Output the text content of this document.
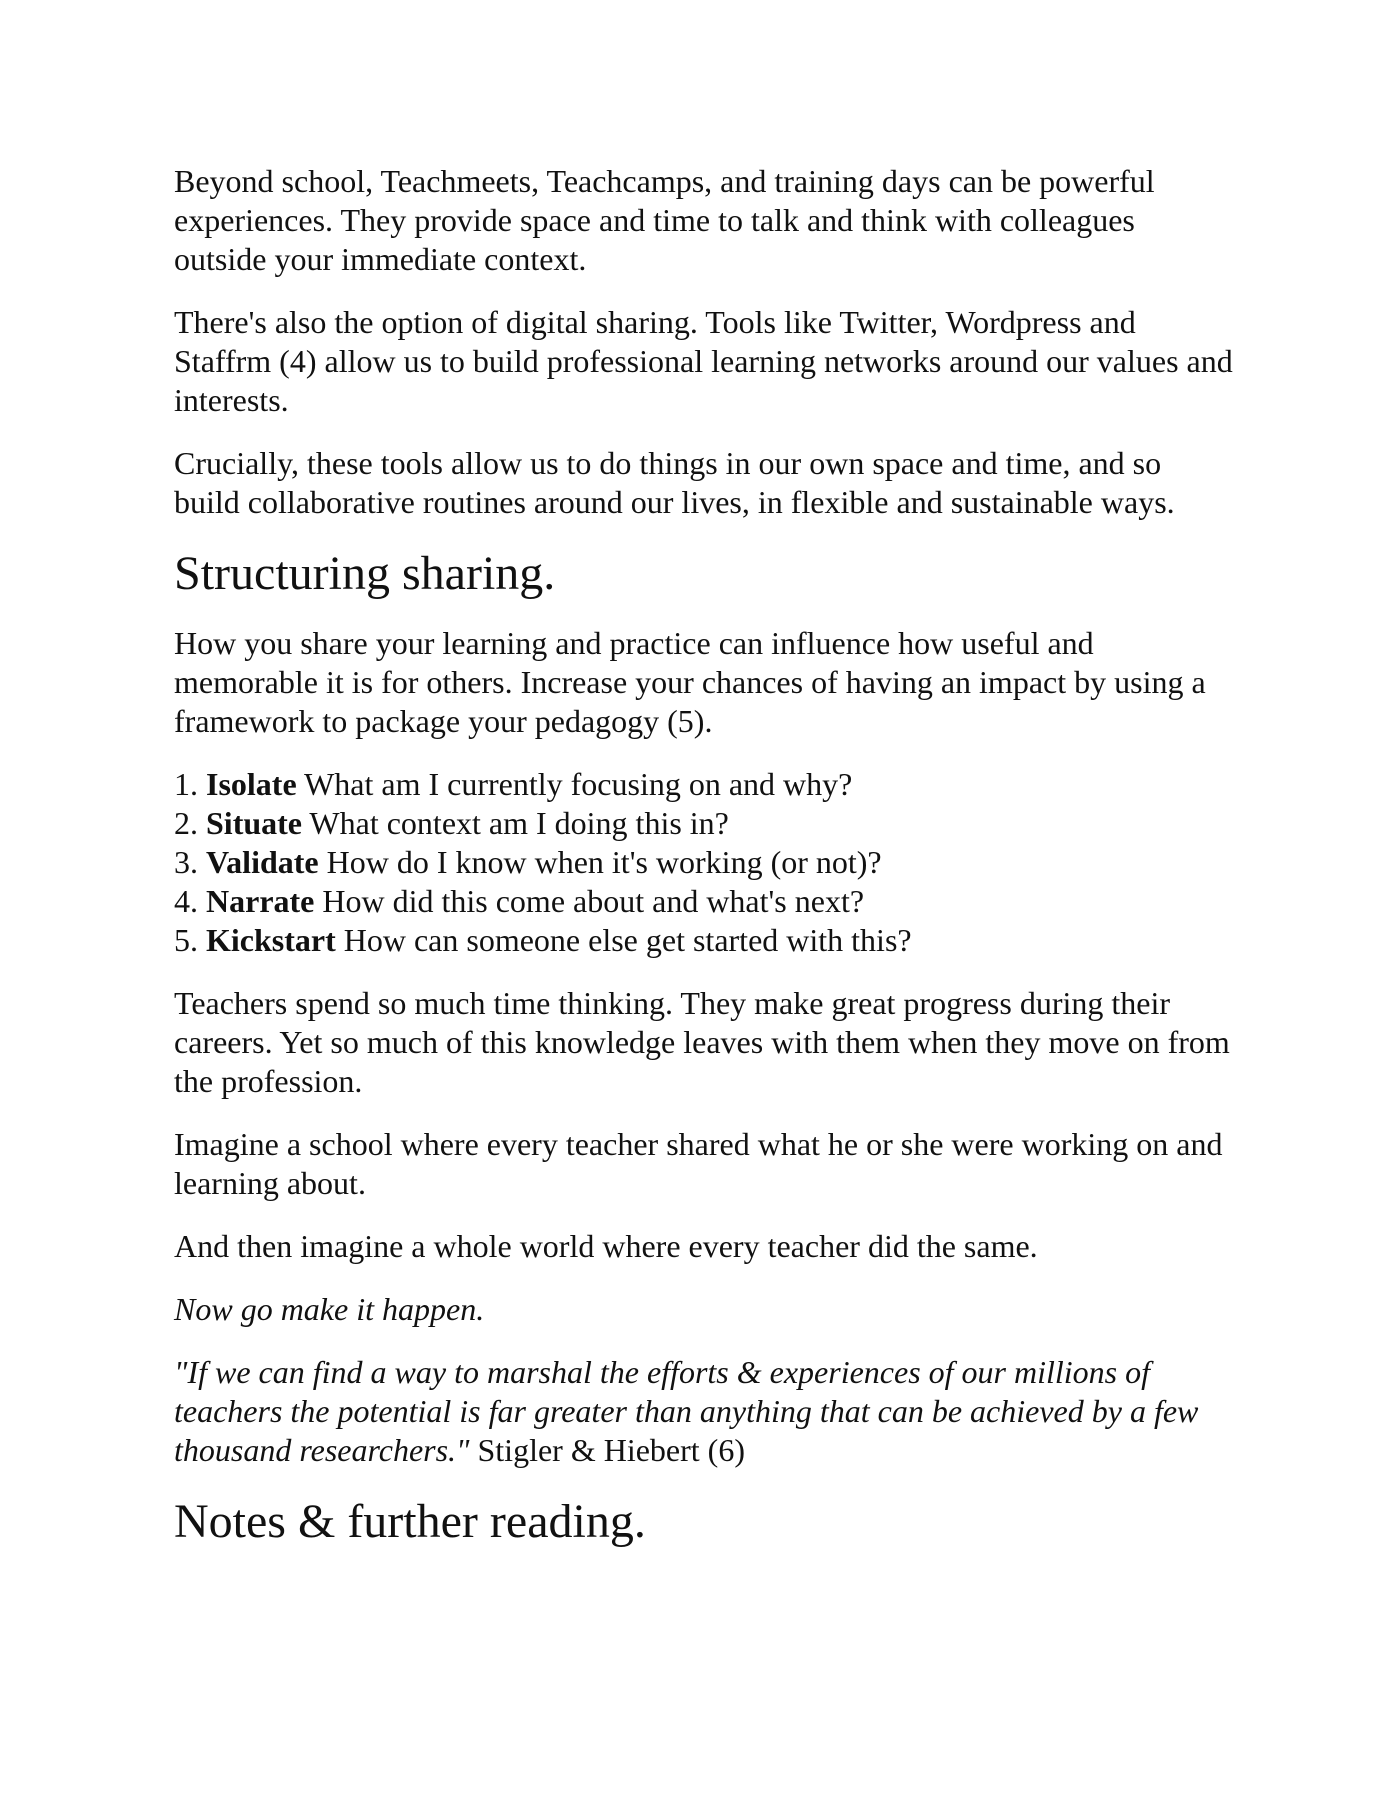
Beyond school, Teachmeets, Teachcamps, and training days can be powerful experiences. They provide space and time to talk and think with colleagues outside your immediate context.

There's also the option of digital sharing. Tools like Twitter, Wordpress and Staffrm (4) allow us to build professional learning networks around our values and interests.

Crucially, these tools allow us to do things in our own space and time, and so build collaborative routines around our lives, in flexible and sustainable ways.

Structuring sharing.

How you share your learning and practice can influence how useful and memorable it is for others. Increase your chances of having an impact by using a framework to package your pedagogy (5).

1. Isolate What am I currently focusing on and why?
2. Situate What context am I doing this in?
3. Validate How do I know when it's working (or not)?
4. Narrate How did this come about and what's next?
5. Kickstart How can someone else get started with this?

Teachers spend so much time thinking. They make great progress during their careers. Yet so much of this knowledge leaves with them when they move on from the profession.

Imagine a school where every teacher shared what he or she were working on and learning about.

And then imagine a whole world where every teacher did the same.

Now go make it happen.

"If we can find a way to marshal the efforts & experiences of our millions of teachers the potential is far greater than anything that can be achieved by a few thousand researchers." Stigler & Hiebert (6)

Notes & further reading.
